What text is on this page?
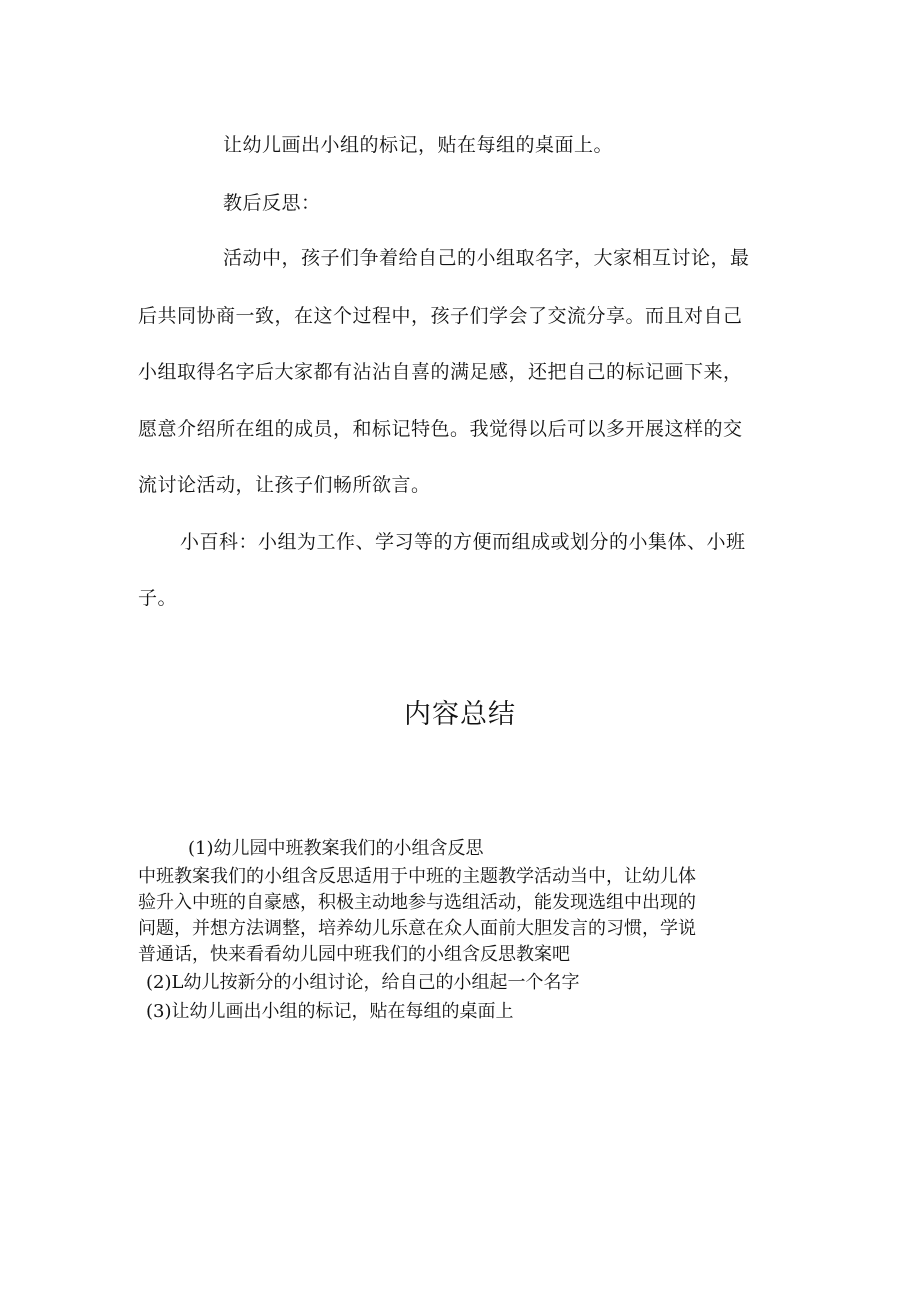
让幼儿画出小组的标记，贴在每组的桌面上。
教后反思：
活动中，孩子们争着给自己的小组取名字，大家相互讨论，最
后共同协商一致，在这个过程中，孩子们学会了交流分享。而且对自己
小组取得名字后大家都有沾沾自喜的满足感，还把自己的标记画下来，
愿意介绍所在组的成员，和标记特色。我觉得以后可以多开展这样的交
流讨论活动，让孩子们畅所欲言。
小百科：小组为工作、学习等的方便而组成或划分的小集体、小班
子。
内容总结
(1)幼儿园中班教案我们的小组含反思
中班教案我们的小组含反思适用于中班的主题教学活动当中，让幼儿体
验升入中班的自豪感，积极主动地参与选组活动，能发现选组中出现的
问题，并想方法调整，培养幼儿乐意在众人面前大胆发言的习惯，学说
普通话，快来看看幼儿园中班我们的小组含反思教案吧
(2)L幼儿按新分的小组讨论，给自己的小组起一个名字
(3)让幼儿画出小组的标记，贴在每组的桌面上
